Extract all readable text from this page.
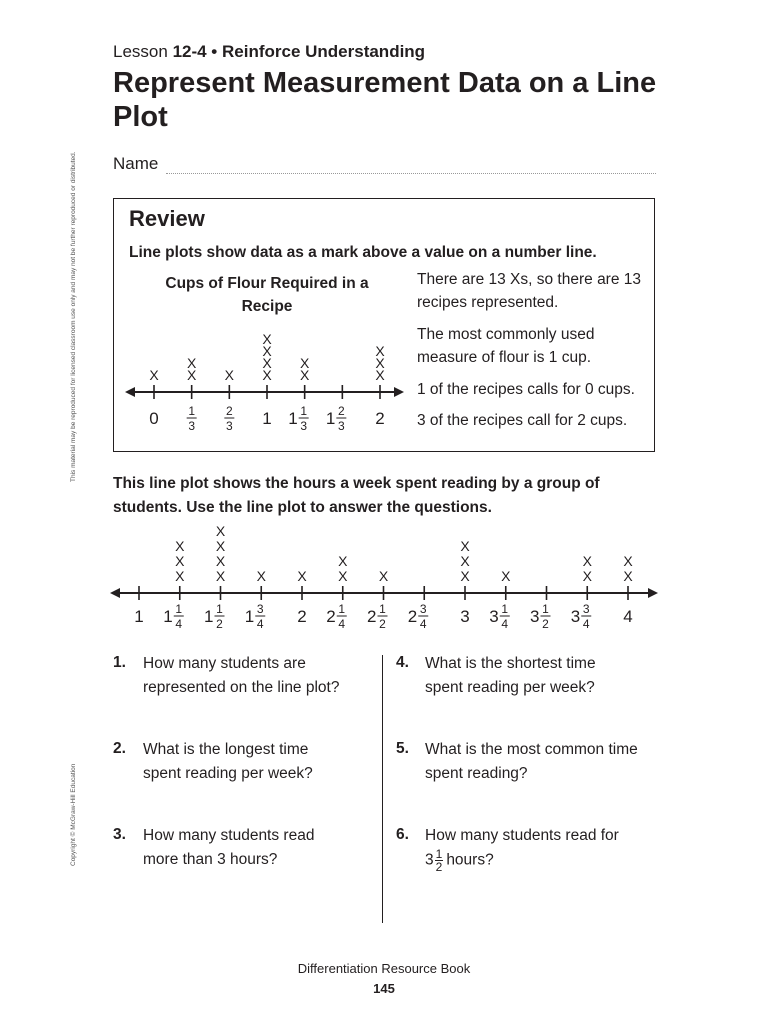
Lesson 12-4 • Reinforce Understanding
Represent Measurement Data on a Line Plot
Name
This material may be reproduced for licensed classroom use only and may not be further reproduced or distributed.
Copyright © McGraw-Hill Education
Review
Line plots show data as a mark above a value on a number line.
Cups of Flour Required in a Recipe
X
0
X
X
1
3
X
2
3
X
X
X
X
1
X
X
1 1
3 1 2
3
X
X
X
2
There are 13 Xs, so there are 13 recipes represented.
The most commonly used measure of flour is 1 cup.
1 of the recipes calls for 0 cups.
3 of the recipes call for 2 cups.
This line plot shows the hours a week spent reading by a group of students. Use the line plot to answer the questions.
1
X
X
X
1 1
4
X
X
X
X
1 1
2
X
1 3
4
X
2
X
X
2 1
4
X
2 1
2 2 3
4
X
X
X
3
X
3 1
4 3 1
2
X
X
3 3
4
X
X
4
1. How many students are represented on the line plot?
4. What is the shortest time spent reading per week?
2. What is the longest time spent reading per week?
5. What is the most common time spent reading?
3. How many students read more than 3 hours?
6. How many students read for
$3 \frac{1}{2}$ hours?
Differentiation Resource Book
145
